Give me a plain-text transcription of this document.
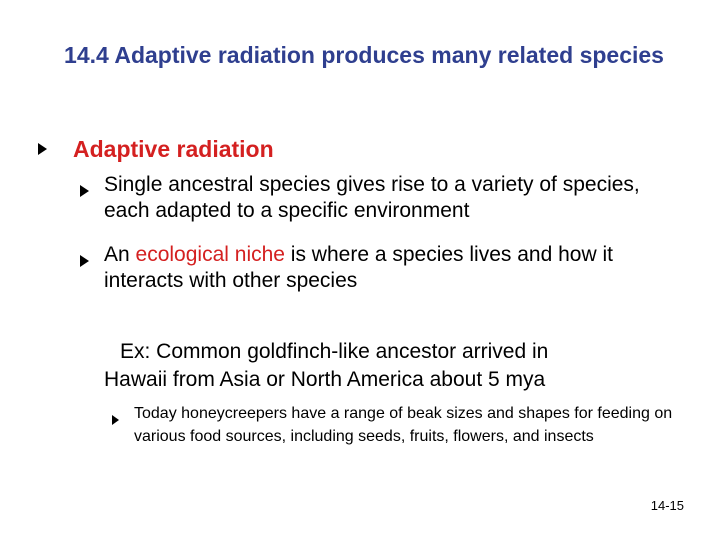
14.4 Adaptive radiation produces many related species
Adaptive radiation
Single ancestral species gives rise to a variety of species, each adapted to a specific environment
An ecological niche is where a species lives and how it interacts with other species
Ex: Common goldfinch-like ancestor arrived in
Hawaii from Asia or North America about 5 mya
Today honeycreepers have a range of beak sizes and shapes for feeding on various food sources, including seeds, fruits, flowers, and insects
14-15
